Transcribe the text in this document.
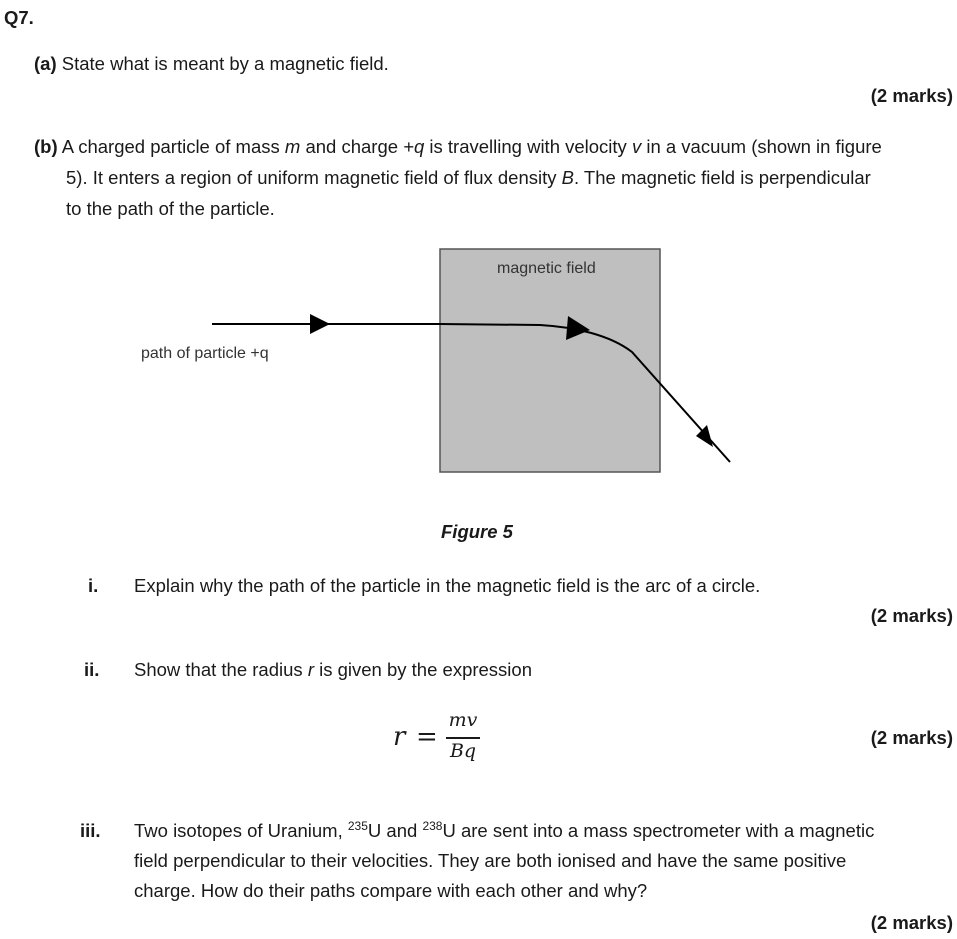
Q7.
(a) State what is meant by a magnetic field.
(2 marks)
(b) A charged particle of mass m and charge +q is travelling with velocity v in a vacuum (shown in figure
5). It enters a region of uniform magnetic field of flux density B. The magnetic field is perpendicular
to the path of the particle.
magnetic field
path of particle +q
Figure 5
i. Explain why the path of the particle in the magnetic field is the arc of a circle.
(2 marks)
ii. Show that the radius r is given by the expression
r =
mv
Bq
(2 marks)
iii. Two isotopes of Uranium, $^{235}$U and $^{238}$U are sent into a mass spectrometer with a magnetic
field perpendicular to their velocities. They are both ionised and have the same positive
charge. How do their paths compare with each other and why?
(2 marks)
